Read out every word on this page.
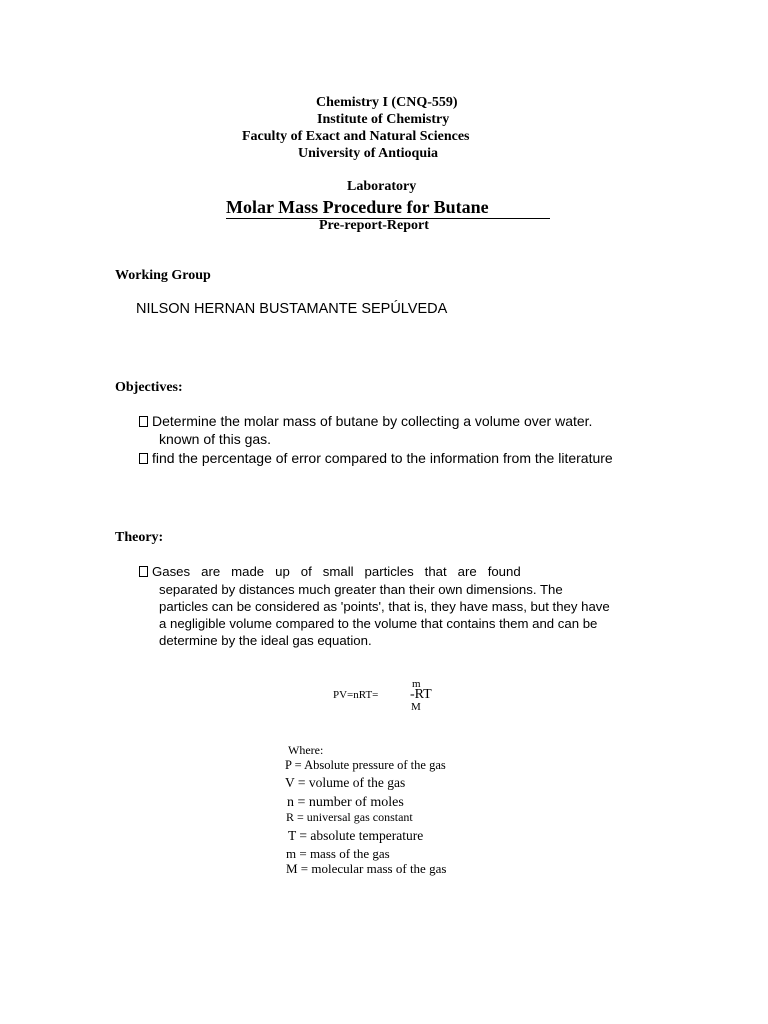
Chemistry I (CNQ-559)
Institute of Chemistry
Faculty of Exact and Natural Sciences
University of Antioquia
Laboratory
Molar Mass Procedure for Butane
Pre-report-Report
Working Group
NILSON HERNAN BUSTAMANTE SEPÚLVEDA
Objectives:
Determine the molar mass of butane by collecting a volume over water.
known of this gas.
find the percentage of error compared to the information from the literature
Theory:
Gases   are   made   up   of   small   particles   that   are   found
separated by distances much greater than their own dimensions. The
particles can be considered as 'points', that is, they have mass, but they have
a negligible volume compared to the volume that contains them and can be
determine by the ideal gas equation.
PV=nRT=
m
-RT
M
Where:
P = Absolute pressure of the gas
V = volume of the gas
n = number of moles
R = universal gas constant
T = absolute temperature
m = mass of the gas
M = molecular mass of the gas
